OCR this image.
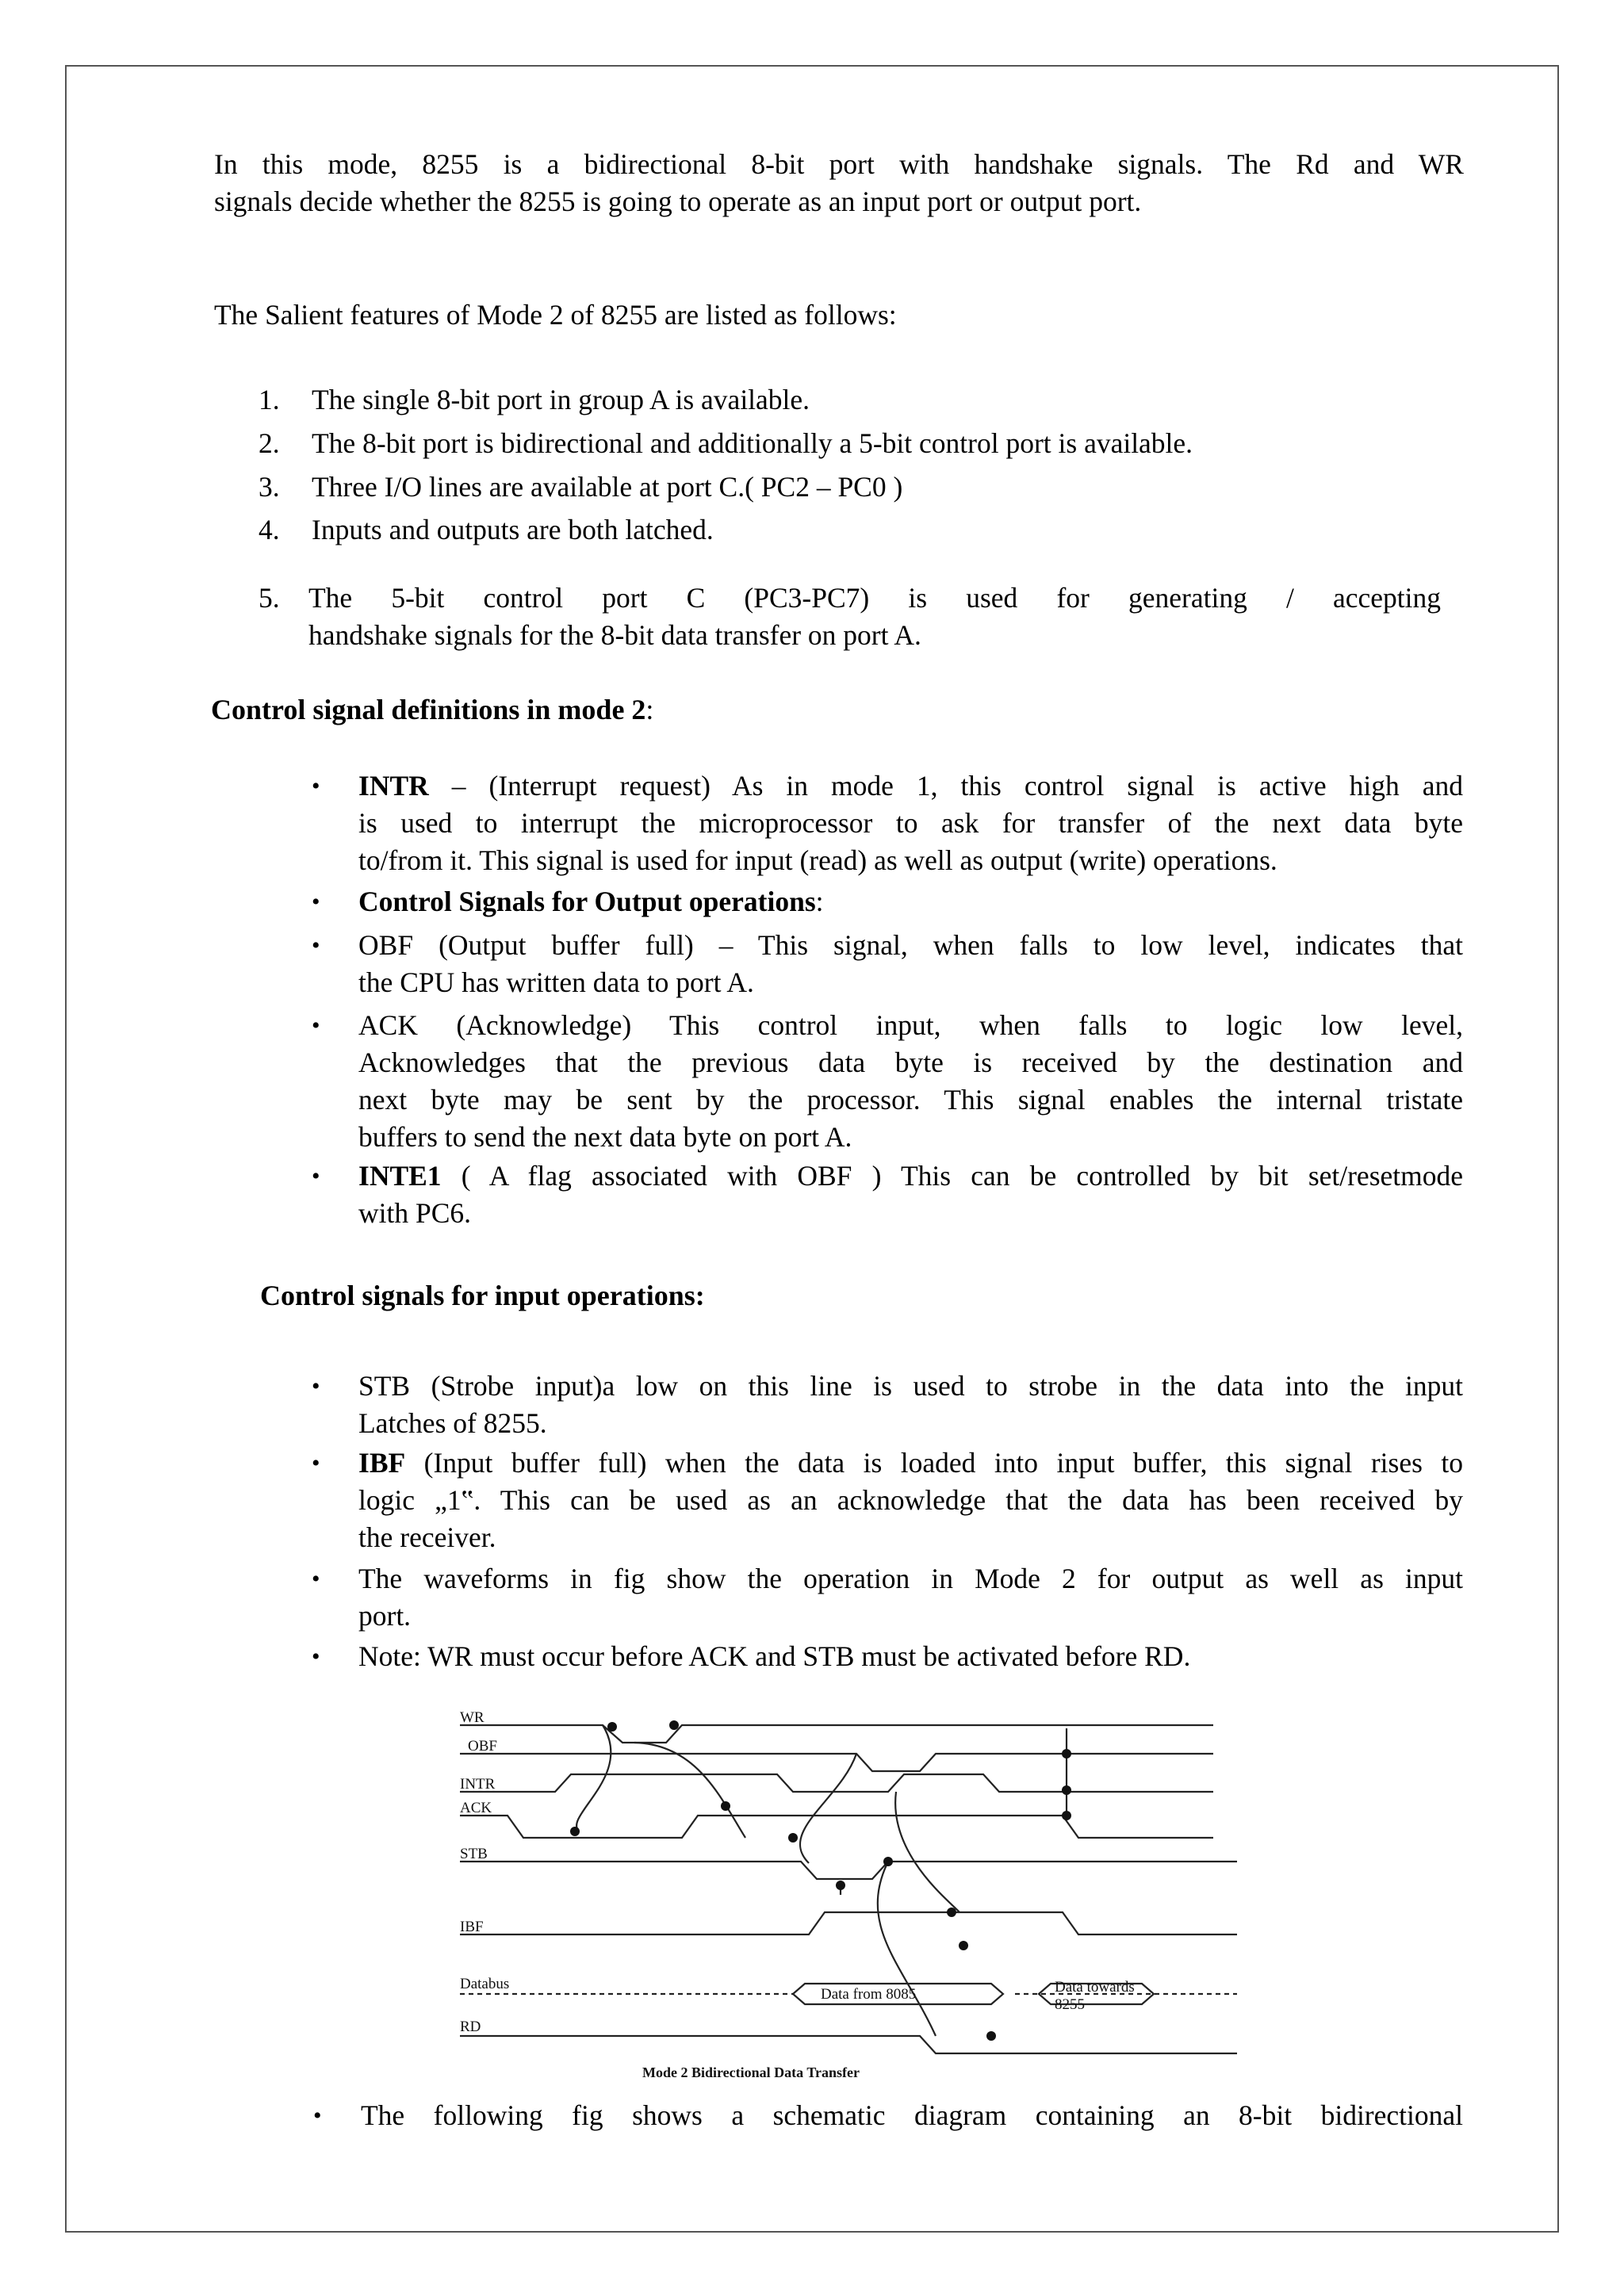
In this mode, 8255 is a bidirectional 8-bit port with handshake signals. The Rd and WR
signals decide whether the 8255 is going to operate as an input port or output port.
The Salient features of Mode 2 of 8255 are listed as follows:
1. The single 8-bit port in group A is available.
2. The 8-bit port is bidirectional and additionally a 5-bit control port is available.
3. Three I/O lines are available at port C.( PC2 – PC0 )
4. Inputs and outputs are both latched.
5. The 5-bit control port C (PC3-PC7) is used for generating / accepting
handshake signals for the 8-bit data transfer on port A.
Control signal definitions in mode 2:
• INTR – (Interrupt request) As in mode 1, this control signal is active high and
is used to interrupt the microprocessor to ask for transfer of the next data byte
to/from it. This signal is used for input (read) as well as output (write) operations.
• Control Signals for Output operations:
• OBF (Output buffer full) – This signal, when falls to low level, indicates that
the CPU has written data to port A.
• ACK (Acknowledge) This control input, when falls to logic low level,
Acknowledges that the previous data byte is received by the destination and
next byte may be sent by the processor. This signal enables the internal tristate
buffers to send the next data byte on port A.
• INTE1 ( A flag associated with OBF ) This can be controlled by bit set/resetmode
with PC6.
Control signals for input operations:
• STB (Strobe input)a low on this line is used to strobe in the data into the input
Latches of 8255.
• IBF (Input buffer full) when the data is loaded into input buffer, this signal rises to
logic „1‟. This can be used as an acknowledge that the data has been received by
the receiver.
• The waveforms in fig show the operation in Mode 2 for output as well as input
port.
• Note: WR must occur before ACK and STB must be activated before RD.
WR
OBF
INTR
ACK
STB
IBF
Databus
RD
Data from 8085	Data towards
8255
Mode 2 Bidirectional Data Transfer
• The following fig shows a schematic diagram containing an 8-bit bidirectional
